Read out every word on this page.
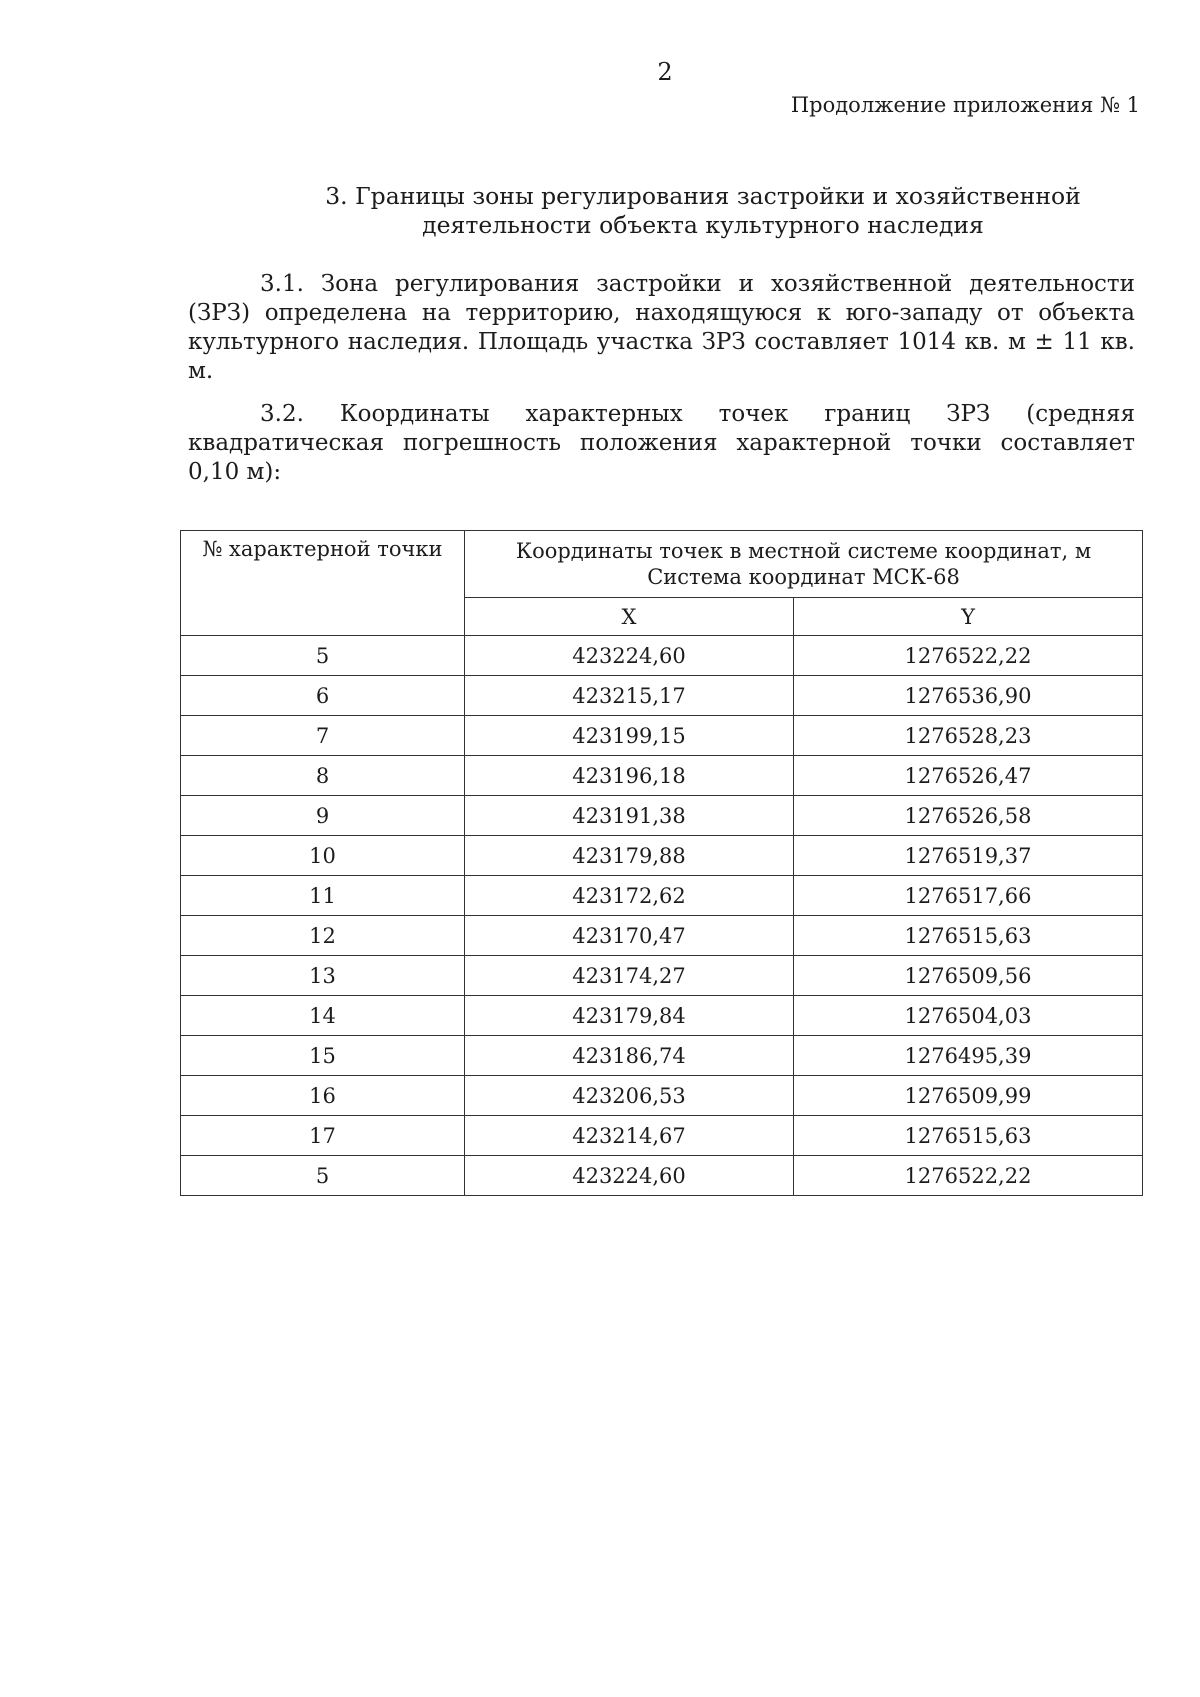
2
Продолжение приложения № 1
3. Границы зоны регулирования застройки и хозяйственной
деятельности объекта культурного наследия

3.1. Зона регулирования застройки и хозяйственной деятельности (ЗРЗ) определена на территорию, находящуюся к юго-западу от объекта культурного наследия. Площадь участка ЗРЗ составляет 1014 кв. м ± 11 кв. м.

3.2. Координаты характерных точек границ ЗРЗ (средняя квадратическая погрешность положения характерной точки составляет 0,10 м):

№ характерной точки	Координаты точек в местной системе координат, м
Система координат МСК-68	

	X	Y
5	423224,60	1276522,22
6	423215,17	1276536,90
7	423199,15	1276528,23
8	423196,18	1276526,47
9	423191,38	1276526,58
10	423179,88	1276519,37
11	423172,62	1276517,66
12	423170,47	1276515,63
13	423174,27	1276509,56
14	423179,84	1276504,03
15	423186,74	1276495,39
16	423206,53	1276509,99
17	423214,67	1276515,63
5	423224,60	1276522,22
